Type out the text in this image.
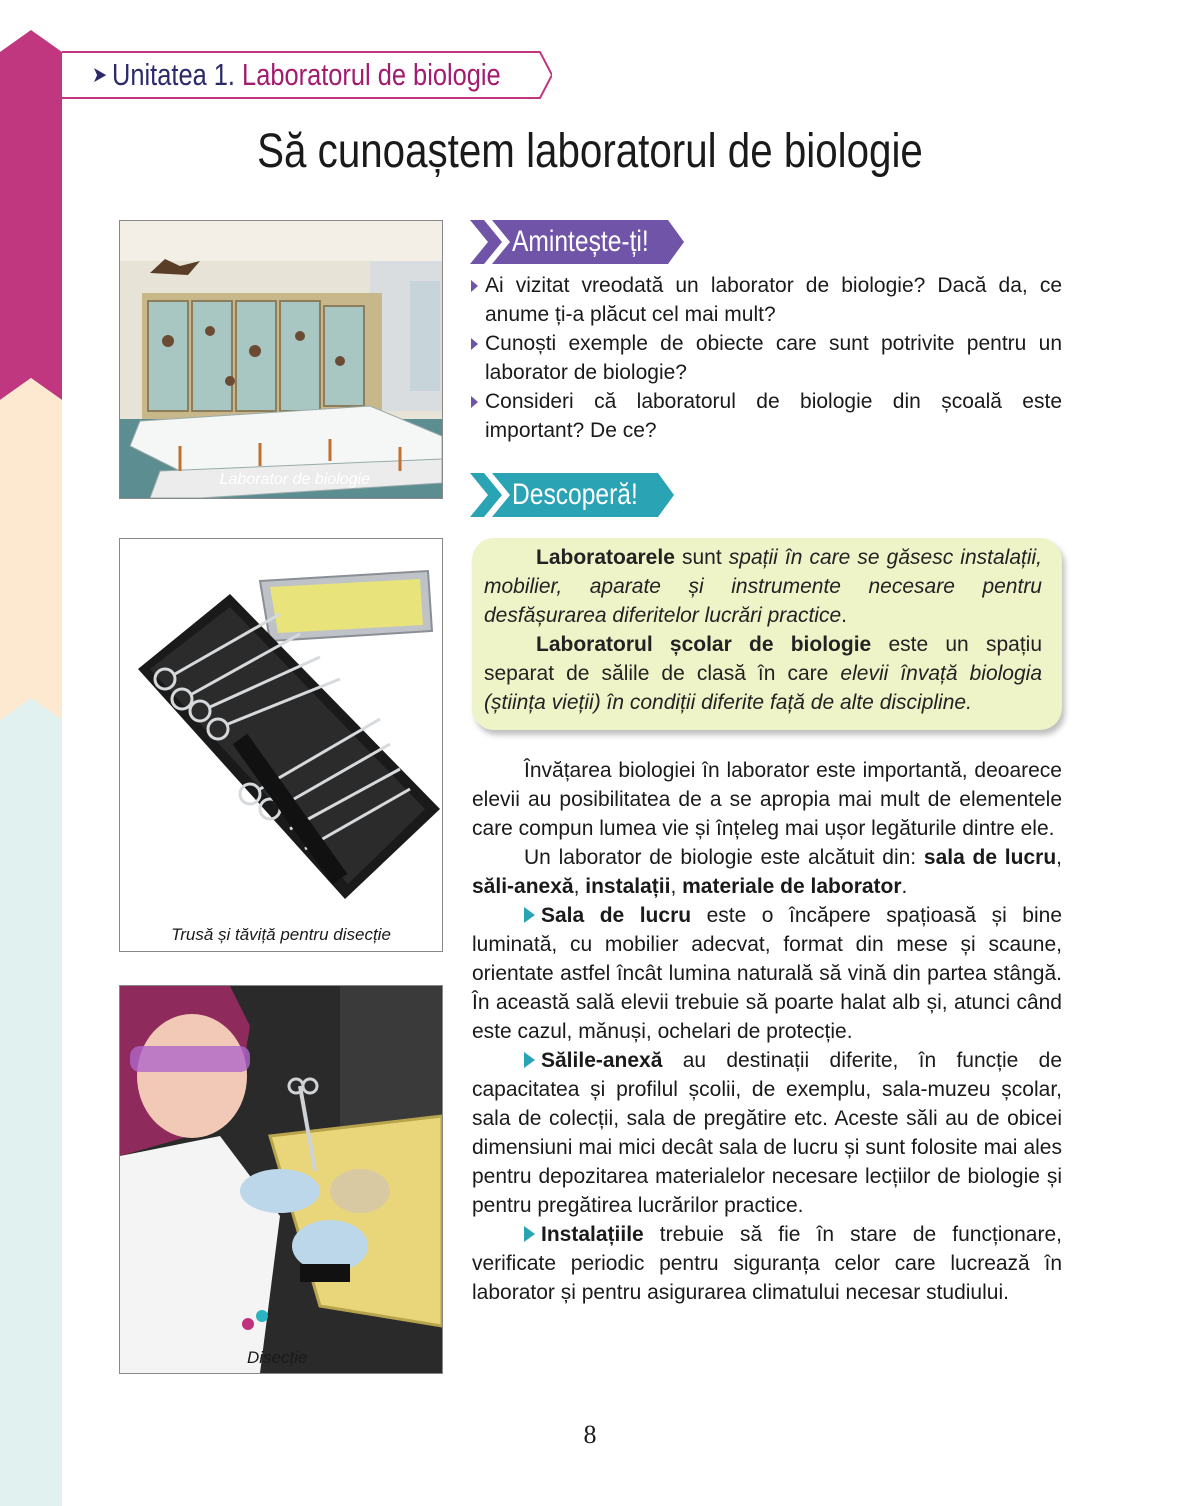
➤ Unitatea 1. Laboratorul de biologie
Să cunoaștem laboratorul de biologie
Laborator de biologie
Trusă și tăviță pentru disecție
Disecție
Amintește-ți!
Ai vizitat vreodată un laborator de biologie? Dacă da, ce anume ți-a plăcut cel mai mult?
Cunoști exemple de obiecte care sunt potrivite pentru un laborator de biologie?
Consideri că laboratorul de biologie din școală este important? De ce?
Descoperă!

Laboratoarele sunt spații în care se găsesc instalații, mobilier, aparate și instrumente necesare pentru desfășurarea diferitelor lucrări practice.

Laboratorul școlar de biologie este un spațiu separat de sălile de clasă în care elevii învață biologia (știința vieții) în condiții diferite față de alte discipline.

Învățarea biologiei în laborator este importantă, deoarece elevii au posibilitatea de a se apropia mai mult de elementele care compun lumea vie și înțeleg mai ușor legăturile dintre ele.

Un laborator de biologie este alcătuit din: sala de lucru, săli-anexă, instalații, materiale de laborator.

Sala de lucru este o încăpere spațioasă și bine luminată, cu mobilier adecvat, format din mese și scaune, orientate astfel încât lumina naturală să vină din partea stângă. În această sală elevii trebuie să poarte halat alb și, atunci când este cazul, mănuși, ochelari de protecție.

Sălile-anexă au destinații diferite, în funcție de capacitatea și profilul școlii, de exemplu, sala-muzeu școlar, sala de colecții, sala de pregătire etc. Aceste săli au de obicei dimensiuni mai mici decât sala de lucru și sunt folosite mai ales pentru depozitarea materialelor necesare lecțiilor de biologie și pentru pregătirea lucrărilor practice.

Instalațiile trebuie să fie în stare de funcționare, verificate periodic pentru siguranța celor care lucrează în laborator și pentru asigurarea climatului necesar studiului.

8
